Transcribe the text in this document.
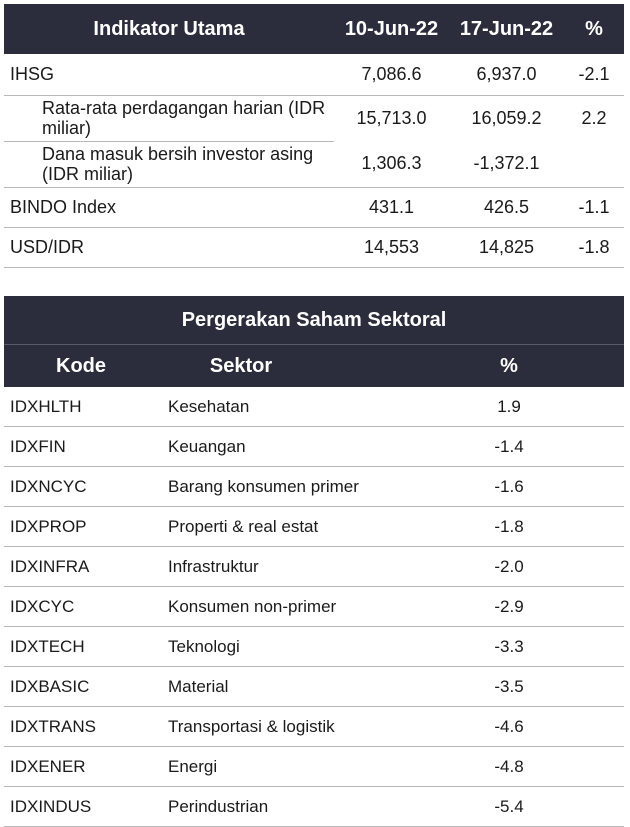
Indikator Utama	10-Jun-22	17-Jun-22	%
IHSG	7,086.6	6,937.0	-2.1
Rata-rata perdagangan harian (IDR miliar)	15,713.0	16,059.2	2.2
Dana masuk bersih investor asing (IDR miliar)	1,306.3	-1,372.1	
BINDO Index	431.1	426.5	-1.1
USD/IDR	14,553	14,825	-1.8
Pergerakan Saham Sektoral		
Kode	Sektor	%
IDXHLTH	Kesehatan	1.9
IDXFIN	Keuangan	-1.4
IDXNCYC	Barang konsumen primer	-1.6
IDXPROP	Properti & real estat	-1.8
IDXINFRA	Infrastruktur	-2.0
IDXCYC	Konsumen non-primer	-2.9
IDXTECH	Teknologi	-3.3
IDXBASIC	Material	-3.5
IDXTRANS	Transportasi & logistik	-4.6
IDXENER	Energi	-4.8
IDXINDUS	Perindustrian	-5.4
